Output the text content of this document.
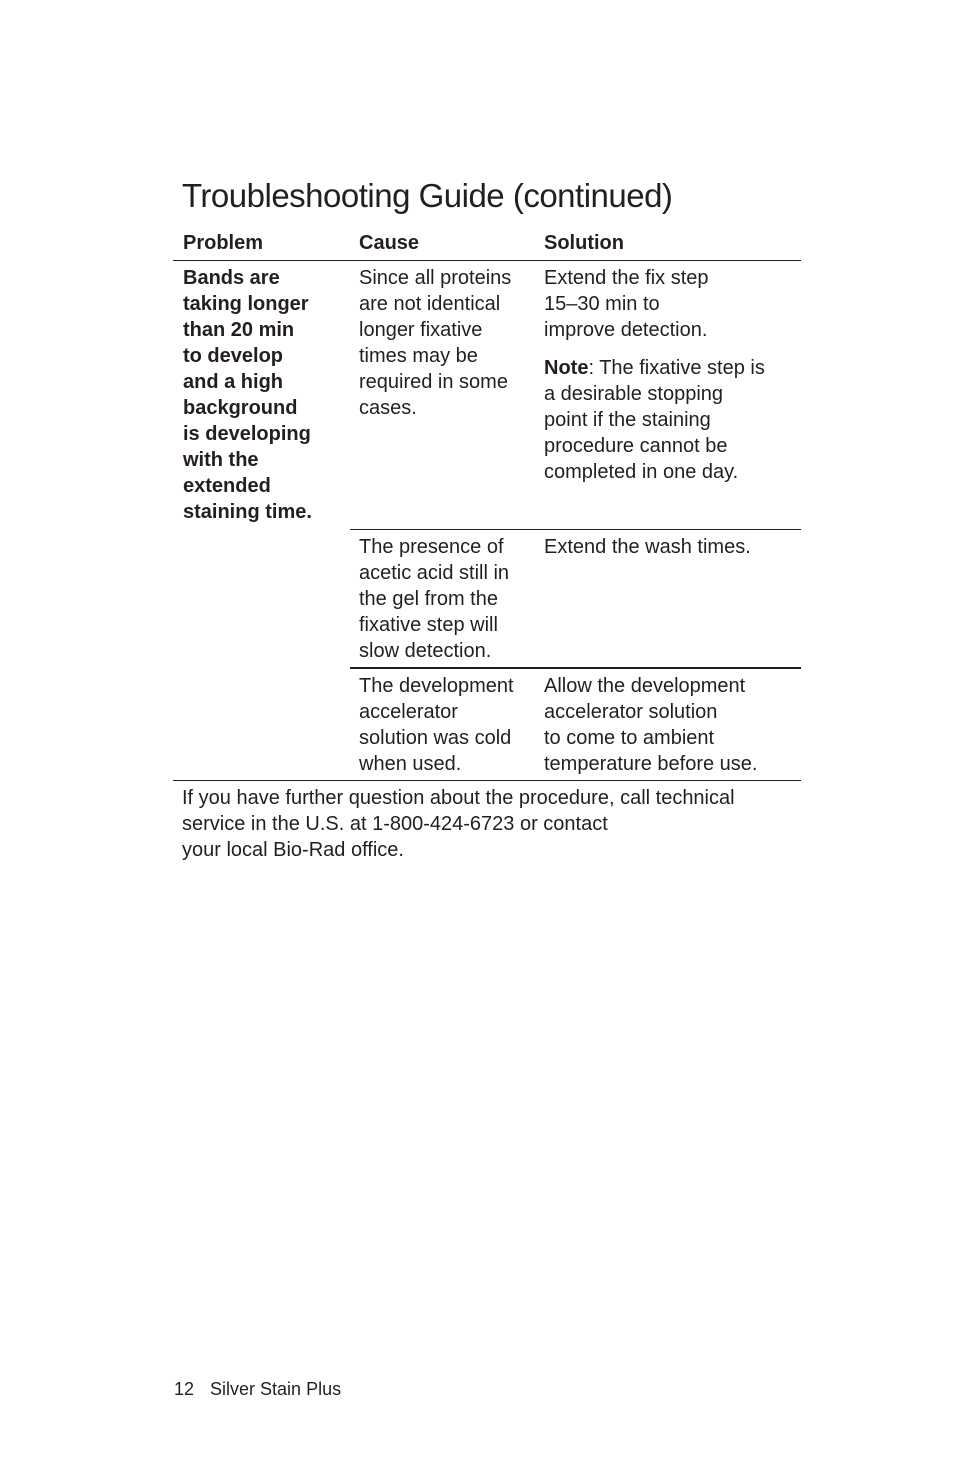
Troubleshooting Guide (continued)
Problem	Cause	Solution
Bands are
taking longer
than 20 min
to develop
and a high
background
is developing
with the
extended
staining time.
Since all proteins
are not identical
longer fixative
times may be
required in some
cases.
Extend the fix step
15–30 min to
improve detection.
Note: The fixative step is
a desirable stopping
point if the staining
procedure cannot be
completed in one day.
The presence of
acetic acid still in
the gel from the
fixative step will
slow detection.
Extend the wash times.
The development
accelerator
solution was cold
when used.
Allow the development
accelerator solution
to come to ambient
temperature before use.
If you have further question about the procedure, call technical
service in the U.S. at 1-800-424-6723 or contact
your local Bio-Rad office.
12 Silver Stain Plus
